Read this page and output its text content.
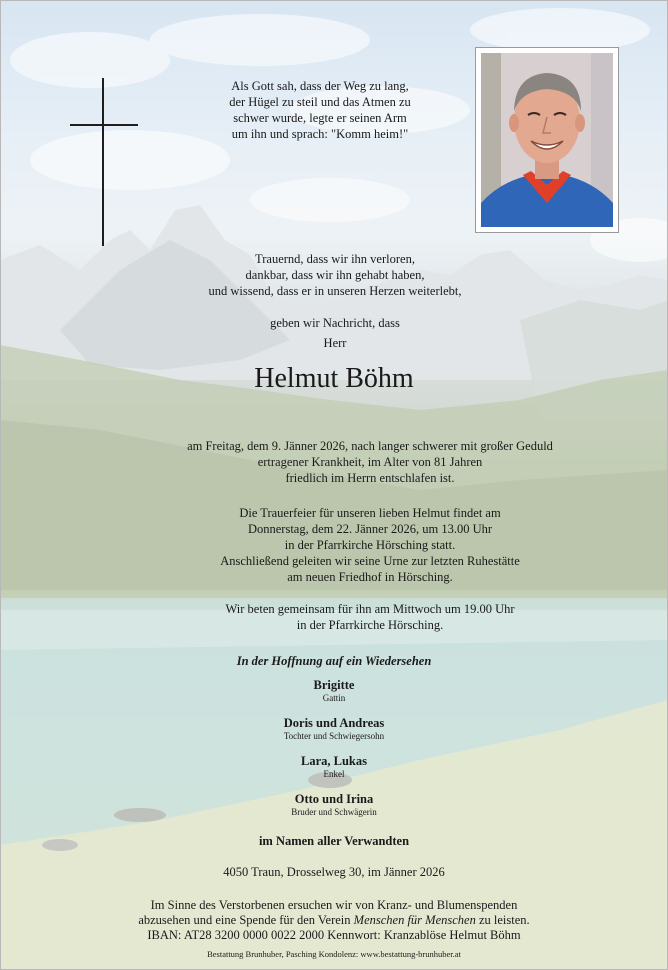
Als Gott sah, dass der Weg zu lang,
der Hügel zu steil und das Atmen zu
schwer wurde, legte er seinen Arm
um ihn und sprach: "Komm heim!"
Trauernd, dass wir ihn verloren,
dankbar, dass wir ihn gehabt haben,
und wissend, dass er in unseren Herzen weiterlebt,
geben wir Nachricht, dass
Herr
Helmut Böhm
am Freitag, dem 9. Jänner 2026, nach langer schwerer mit großer Geduld
ertragener Krankheit, im Alter von 81 Jahren
friedlich im Herrn entschlafen ist.
Die Trauerfeier für unseren lieben Helmut findet am
Donnerstag, dem 22. Jänner 2026, um 13.00 Uhr
in der Pfarrkirche Hörsching statt.
Anschließend geleiten wir seine Urne zur letzten Ruhestätte
am neuen Friedhof in Hörsching.
Wir beten gemeinsam für ihn am Mittwoch um 19.00 Uhr
in der Pfarrkirche Hörsching.
In der Hoffnung auf ein Wiedersehen
Brigitte
Gattin
Doris und Andreas
Tochter und Schwiegersohn
Lara, Lukas
Enkel
Otto und Irina
Bruder und Schwägerin
im Namen aller Verwandten
4050 Traun, Drosselweg 30, im Jänner 2026
Im Sinne des Verstorbenen ersuchen wir von Kranz- und Blumenspenden
abzusehen und eine Spende für den Verein Menschen für Menschen zu leisten.
IBAN: AT28 3200 0000 0022 2000 Kennwort: Kranzablöse Helmut Böhm
Bestattung Brunhuber, Pasching Kondolenz: www.bestattung-brunhuber.at
